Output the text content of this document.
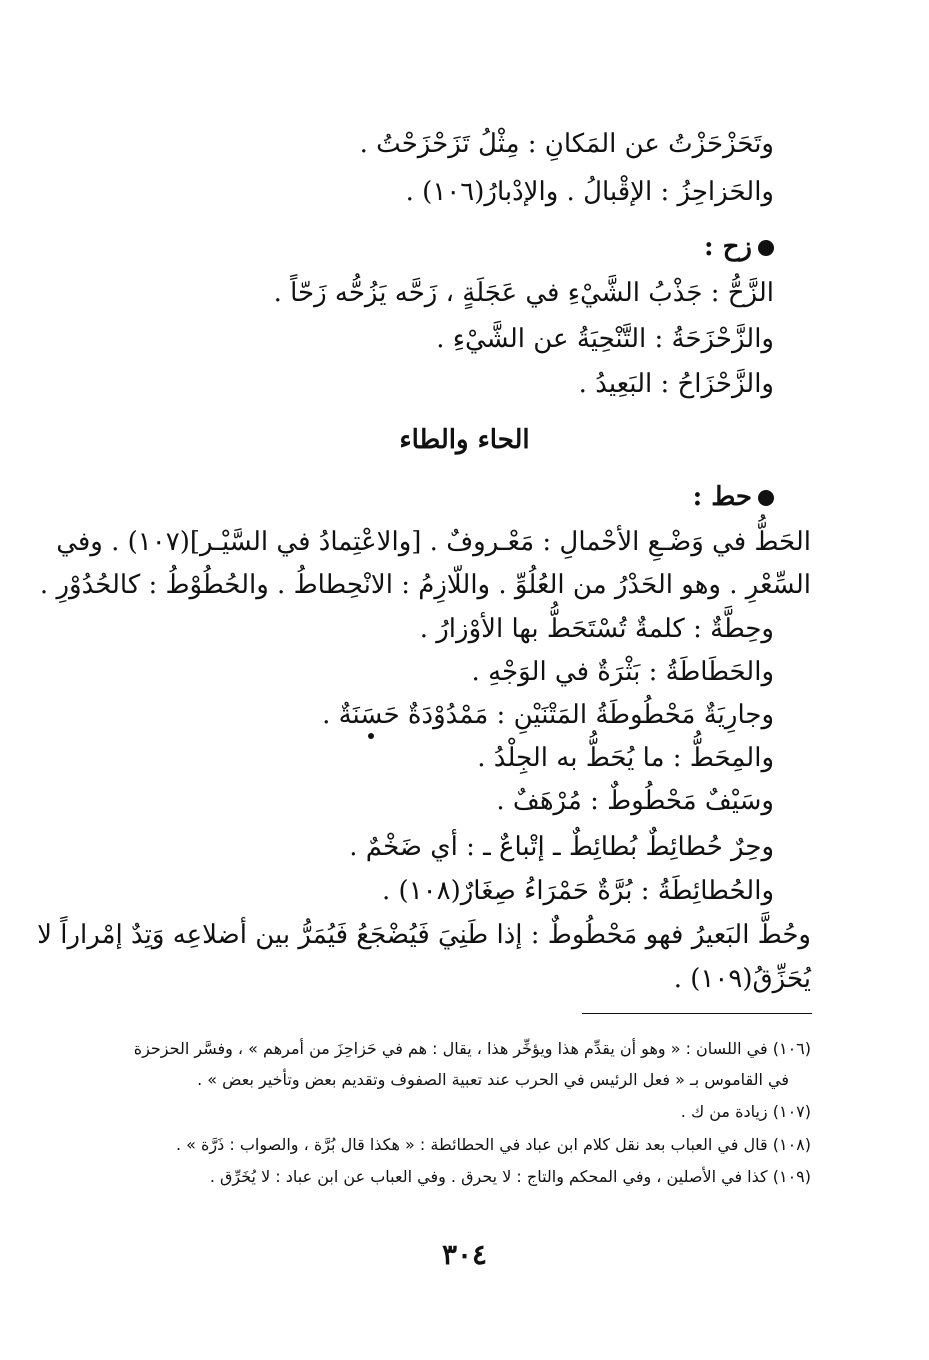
وتَحَزْحَزْتُ عن المَكانِ : مِثْلُ تَزَحْزَحْتُ .
والحَزاحِزُ : الإقْبالُ . والإدْبارُ(١٠٦) .
زح :
الزَّحُّ : جَذْبُ الشَّيْءِ في عَجَلَةٍ ، زَحَّه يَزُحُّه زَحّاً .
والزَّحْزَحَةُ : التَّنْحِيَةُ عن الشَّيْءِ .
والزَّحْزَاحُ : البَعِيدُ .
الحاء والطاء
حط :
الحَطُّ في وَضْـعِ الأحْمالِ : مَعْـروفٌ . [والاعْتِمادُ في السَّيْـر](١٠٧) . وفي
السِّعْرِ . وهو الحَدْرُ من العُلُوِّ . واللّازِمُ : الانْحِطاطُ . والحُطُوْطُ : كالحُدُوْرِ .
وحِطَّةٌ : كلمةٌ تُسْتَحَطُّ بها الأوْزارُ .
والحَطَاطَةُ : بَثْرَةٌ في الوَجْهِ .
وجارِيَةٌ مَحْطُوطَةُ المَتْنَيْنِ : مَمْدُوْدَةٌ حَسَنَةٌ .
والمِحَطُّ : ما يُحَطُّ به الجِلْدُ .
وسَيْفٌ مَحْطُوطٌ : مُرْهَفٌ .
وحِرٌ حُطائِطٌ بُطائِطٌ ـ إتْباعٌ ـ : أي ضَخْمٌ .
والحُطائِطَةُ : بُرَّةٌ حَمْرَاءُ صِغَارٌ(١٠٨) .
وحُطَّ البَعيرُ فهو مَحْطُوطٌ : إذا طَنِيَ فَيُضْجَعُ فَيُمَرُّ بين أضلاعِه وَتِدٌ إمْراراً لا
يُحَزِّقُ(١٠٩) .
(١٠٦) في اللسان : « وهو أن يقدِّم هذا ويؤخِّر هذا ، يقال : هم في حَزاحِزَ من أمرهم » ، وفسَّر الحزحزة
في القاموس بـ « فعل الرئيس في الحرب عند تعبية الصفوف وتقديم بعض وتأخير بعض » .
(١٠٧) زيادة من ك .
(١٠٨) قال في العباب بعد نقل كلام ابن عباد في الحطائطة : « هكذا قال بُرَّة ، والصواب : ذَرَّة » .
(١٠٩) كذا في الأصلين ، وفي المحكم والتاج : لا يحرق . وفي العباب عن ابن عباد : لا يُخَرِّق .
٣٠٤
